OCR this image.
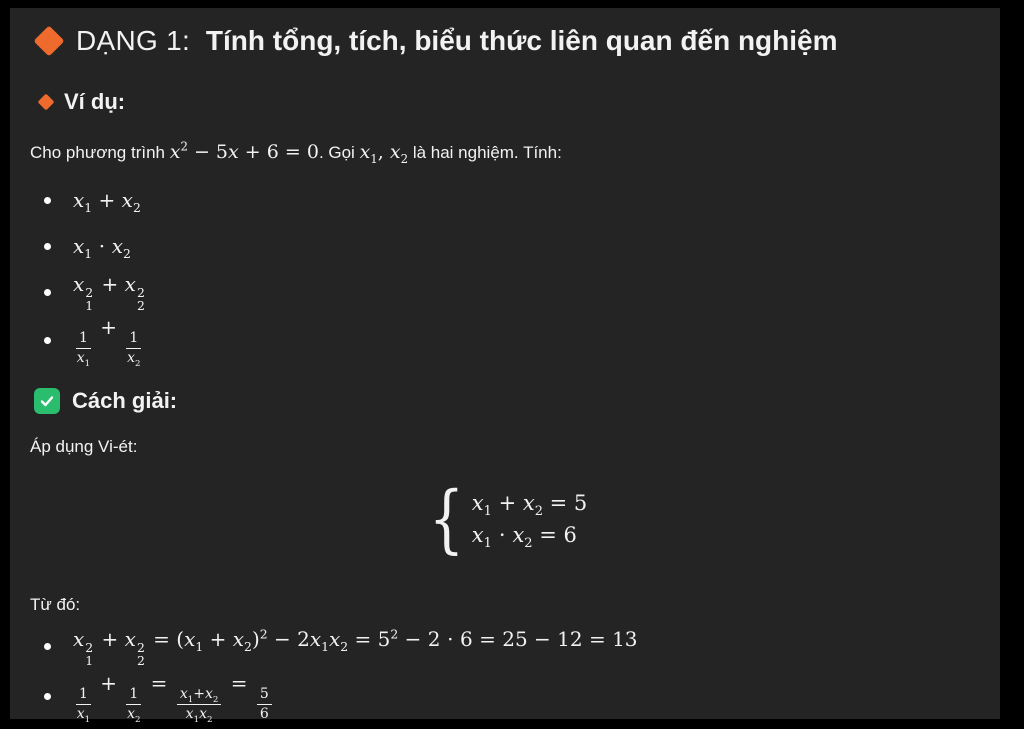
DẠNG 1: Tính tổng, tích, biểu thức liên quan đến nghiệm
Ví dụ:
Cho phương trình $x^2 - 5x + 6 = 0$. Gọi $x_1$, $x_2$ là hai nghiệm. Tính:
$x_1 + x_2$
$x_1 \cdot x_2$
x 2
1
+ x 2
2
$\frac{1}{x_1}$
+
$\frac{1}{x_2}$
Cách giải:
Áp dụng Vi-ét:
{ $x_1 + x_2 = 5$
$x_1 \cdot x_2 = 6$
Từ đó:
x 2
1
+ x 2
2
= $(x_1 + x_2)^2 - 2x_1x_2 = 5^2 - 2 \cdot 6 = 25 - 12 = 13$
$\frac{1}{x_1}$
+
$\frac{1}{x_2}$
=
$\frac{x_1+x_2}{x_1x_2}$
=
$\frac{5}{6}$
